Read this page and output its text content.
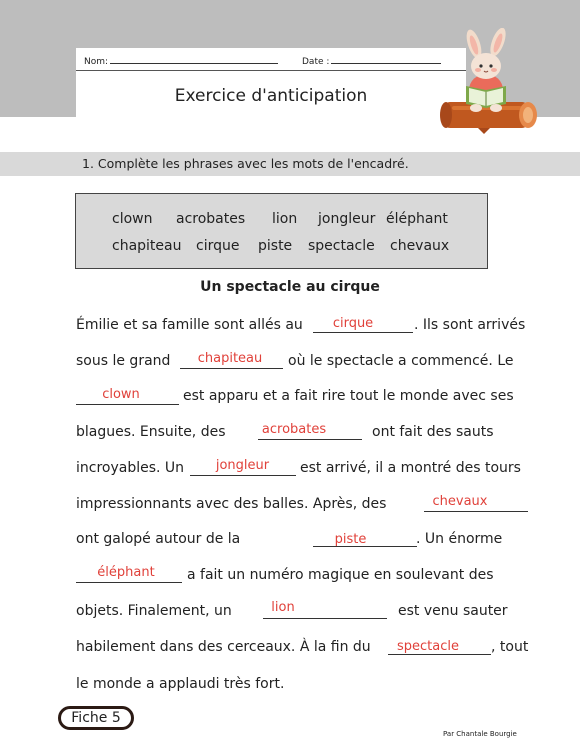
Nom:	Date :
Exercice d'anticipation
1. Complète les phrases avec les mots de l'encadré.
clown acrobates lion jongleur éléphant
chapiteau cirque piste spectacle chevaux
Un spectacle au cirque
Émilie et sa famille sont allés au	. Ils sont arrivés
cirque
sous le grand	où le spectacle a commencé. Le
chapiteau
est apparu et a fait rire tout le monde avec ses
clown
blagues. Ensuite, des	ont fait des sauts
acrobates
incroyables. Un	est arrivé, il a montré des tours
jongleur
impressionnants avec des balles. Après, des	chevaux
ont galopé autour de la	. Un énorme
piste
a fait un numéro magique en soulevant des
éléphant
objets. Finalement, un	est venu sauter
lion
habilement dans des cerceaux. À la fin du	, tout
spectacle
le monde a applaudi très fort.
Fiche 5
Par Chantale Bourgie
